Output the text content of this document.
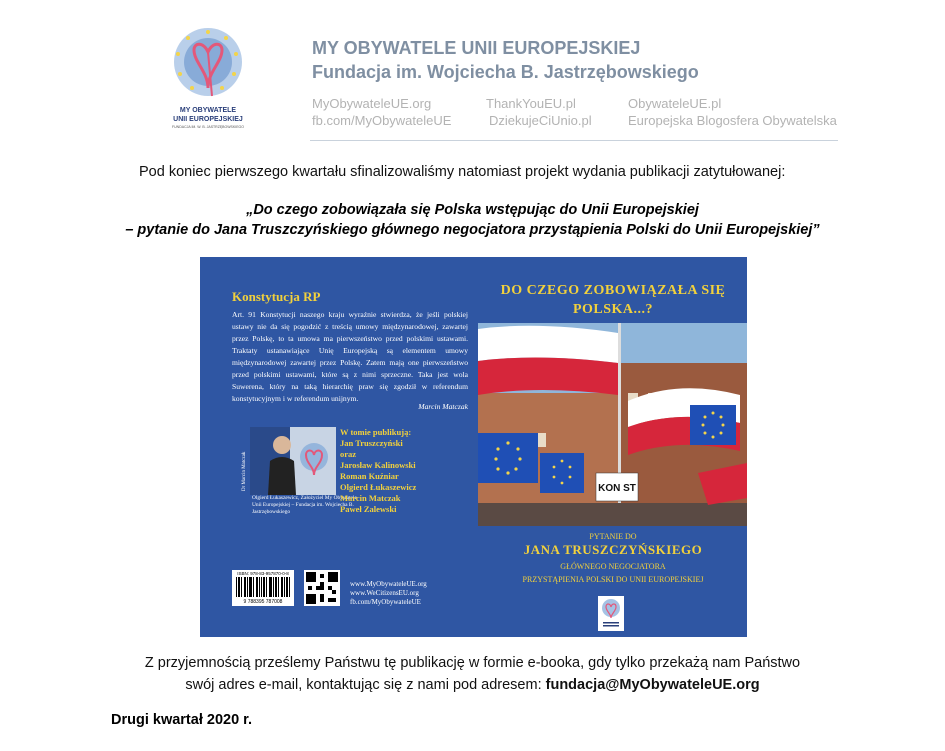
MY OBYWATELE
UNII EUROPEJSKIEJ
FUNDACJA IM. W. B. JASTRZĘBOWSKIEGO
MY OBYWATELE UNII EUROPEJSKIEJ
Fundacja im. Wojciecha B. Jastrzębowskiego
MyObywateleUE.org
fb.com/MyObywateleUE
ThankYouEU.pl
DziekujeCiUnio.pl
ObywateleUE.pl
Europejska Blogosfera Obywatelska
Pod koniec pierwszego kwartału sfinalizowaliśmy natomiast projekt wydania publikacji zatytułowanej:
„Do czego zobowiązała się Polska wstępując do Unii Europejskiej
– pytanie do Jana Truszczyńskiego głównego negocjatora przystąpienia Polski do Unii Europejskiej”
Konstytucja RP
Art. 91 Konstytucji naszego kraju wyraźnie stwierdza, że jeśli polskiej ustawy nie da się pogodzić z treścią umowy międzynarodowej, zawartej przez Polskę, to ta umowa ma pierwszeństwo przed polskimi ustawami. Traktaty ustanawiające Unię Europejską są elementem umowy międzynarodowej zawartej przez Polskę. Zatem mają one pierwszeństwo przed polskimi ustawami, które są z nimi sprzeczne. Taka jest wola Suwerena, który na taką hierarchię praw się zgodził w referendum konstytucyjnym i w referendum unijnym.
Marcin Matczak
Dr Marcin Matczak
Olgierd Łukaszewicz, Założyciel My Obywatele Unii Europejskiej – Fundacja im. Wojciecha B. Jastrzębowskiego
W tomie publikują:
Jan Truszczyński
oraz
Jarosław Kalinowski
Roman Kuźniar
Olgierd Łukaszewicz
Marcin Matczak
Paweł Zalewski
ISBN: 978-83-957870-0-8
9 788395 787008
www.MyObywateleUE.org
www.WeCitizensEU.org
fb.com/MyObywateleUE
DO CZEGO ZOBOWIĄZAŁA SIĘ
POLSKA...?
KON ST
PYTANIE DO
JANA TRUSZCZYŃSKIEGO
GŁÓWNEGO NEGOCJATORA
PRZYSTĄPIENIA POLSKI DO UNII EUROPEJSKIEJ
Z przyjemnością prześlemy Państwu tę publikację w formie e-booka, gdy tylko przekażą nam Państwo
swój adres e-mail, kontaktując się z nami pod adresem: fundacja@MyObywateleUE.org
Drugi kwartał 2020 r.
